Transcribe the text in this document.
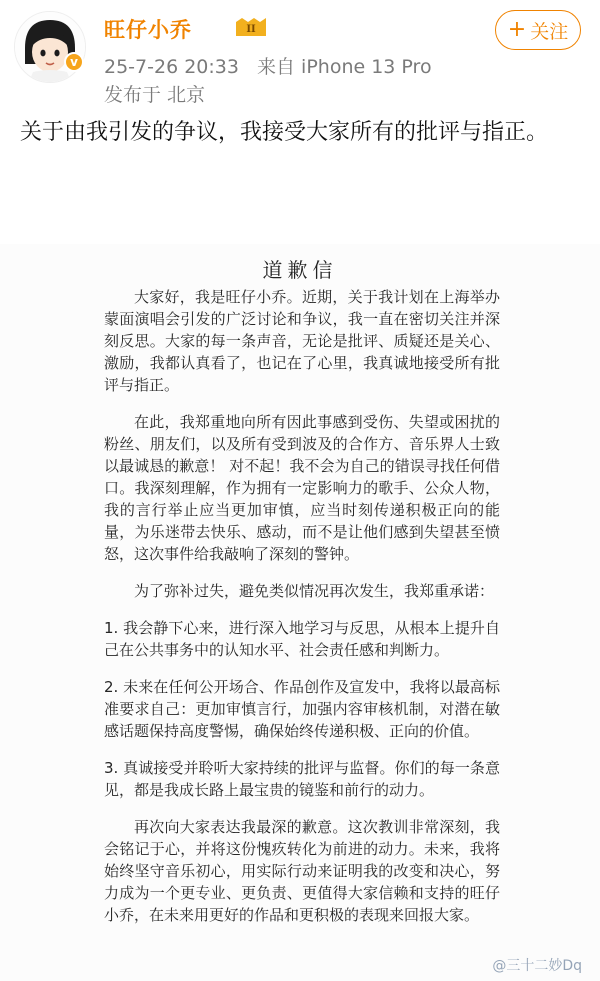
v
旺仔小乔	II
25-7-26 20:33 来自 iPhone 13 Pro
发布于 北京
+ 关注
关于由我引发的争议，我接受大家所有的批评与指正。
道歉信

大家好，我是旺仔小乔。近期，关于我计划在上海举办蒙面演唱会引发的广泛讨论和争议，我一直在密切关注并深刻反思。大家的每一条声音，无论是批评、质疑还是关心、激励，我都认真看了，也记在了心里，我真诚地接受所有批评与指正。

在此，我郑重地向所有因此事感到受伤、失望或困扰的粉丝、朋友们，以及所有受到波及的合作方、音乐界人士致以最诚恳的歉意！ 对不起！我不会为自己的错误寻找任何借口。我深刻理解，作为拥有一定影响力的歌手、公众人物，我的言行举止应当更加审慎，应当时刻传递积极正向的能量，为乐迷带去快乐、感动，而不是让他们感到失望甚至愤怒，这次事件给我敲响了深刻的警钟。

为了弥补过失，避免类似情况再次发生，我郑重承诺：

1. 我会静下心来，进行深入地学习与反思，从根本上提升自己在公共事务中的认知水平、社会责任感和判断力。

2. 未来在任何公开场合、作品创作及宣发中，我将以最高标准要求自己：更加审慎言行，加强内容审核机制，对潜在敏感话题保持高度警惕，确保始终传递积极、正向的价值。

3. 真诚接受并聆听大家持续的批评与监督。你们的每一条意见，都是我成长路上最宝贵的镜鉴和前行的动力。

再次向大家表达我最深的歉意。这次教训非常深刻，我会铭记于心，并将这份愧疚转化为前进的动力。未来，我将始终坚守音乐初心，用实际行动来证明我的改变和决心，努力成为一个更专业、更负责、更值得大家信赖和支持的旺仔小乔，在未来用更好的作品和更积极的表现来回报大家。

@三十二妙Dq
